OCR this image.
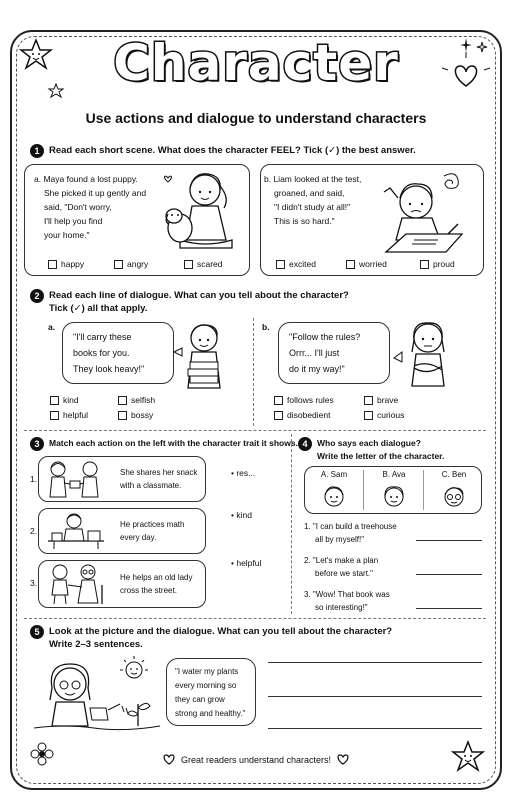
Character
Use actions and dialogue to understand characters
1	Read each short scene. What does the character FEEL? Tick (✓) the best answer.
a. Maya found a lost puppy.
She picked it up gently and
said, "Don't worry,
I'll help you find
your home."
happy	angry	scared
b. Liam looked at the test,
groaned, and said,
"I didn't study at all!"
This is so hard."
excited	worried	proud
2	Read each line of dialogue. What can you tell about the character?
Tick (✓) all that apply.
a.
"I'll carry these
books for you.
They look heavy!"
kind	selfish
helpful	bossy
b.
"Follow the rules?
Orrr... I'll just
do it my way!"
follows rules	brave
disobedient	curious
3	Match each action on the left with the character trait it shows.
1.
She shares her snack
with a classmate.
2.
He practices math
every day.
3.
He helps an old lady
cross the street.
• res...
• kind
• helpful
4	Who says each dialogue?
Write the letter of the character.
A. Sam	B. Ava	C. Ben
1. "I can build a treehouse
all by myself!"
2. "Let's make a plan
before we start."
3. "Wow! That book was
so interesting!"
5	Look at the picture and the dialogue. What can you tell about the character?
Write 2–3 sentences.
"I water my plants
every morning so
they can grow
strong and healthy."
Great readers understand characters!
